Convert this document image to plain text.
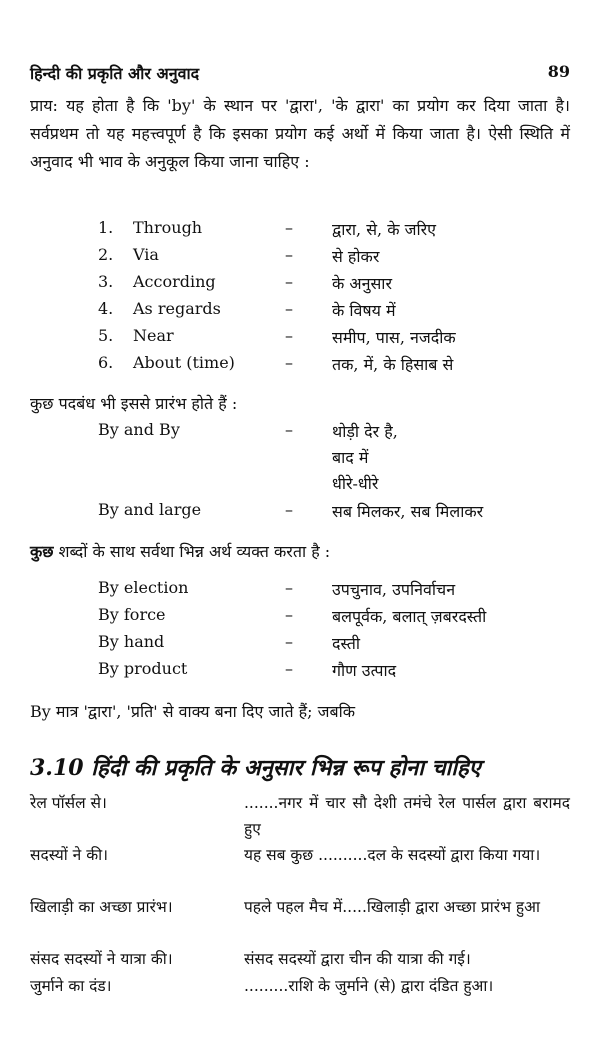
हिन्दी की प्रकृति और अनुवाद	89
प्राय: यह होता है कि 'by' के स्थान पर 'द्वारा', 'के द्वारा' का प्रयोग कर दिया जाता है। सर्वप्रथम तो यह महत्त्वपूर्ण है कि इसका प्रयोग कई अर्थो में किया जाता है। ऐसी स्थिति में अनुवाद भी भाव के अनुकूल किया जाना चाहिए :
1. Through	– द्वारा, से, के जरिए
2. Via	– से होकर
3. According	– के अनुसार
4. As regards	– के विषय में
5. Near	– समीप, पास, नजदीक
6. About (time)	– तक, में, के हिसाब से
कुछ पदबंध भी इससे प्रारंभ होते हैं :
By and By	– थोड़ी देर है,
बाद में
धीरे-धीरे
By and large	– सब मिलकर, सब मिलाकर
कुछ शब्दों के साथ सर्वथा भिन्न अर्थ व्यक्त करता है :
By election	– उपचुनाव, उपनिर्वाचन
By force	– बलपूर्वक, बलात् ज़बरदस्ती
By hand	– दस्ती
By product	– गौण उत्पाद
By मात्र 'द्वारा', 'प्रति' से वाक्य बना दिए जाते हैं; जबकि
3.10 हिंदी की प्रकृति के अनुसार भिन्न रूप होना चाहिए
रेल पॉर्सल से।	.......नगर में चार सौ देशी तमंचे रेल पार्सल द्वारा बरामद हुए
सदस्यों ने की।	यह सब कुछ ..........दल के सदस्यों द्वारा किया गया।
खिलाड़ी का अच्छा प्रारंभ।	पहले पहल मैच में.....खिलाड़ी द्वारा अच्छा प्रारंभ हुआ
संसद सदस्यों ने यात्रा की।	संसद सदस्यों द्वारा चीन की यात्रा की गई।
जुर्माने का दंड।	.........राशि के जुर्माने (से) द्वारा दंडित हुआ।
